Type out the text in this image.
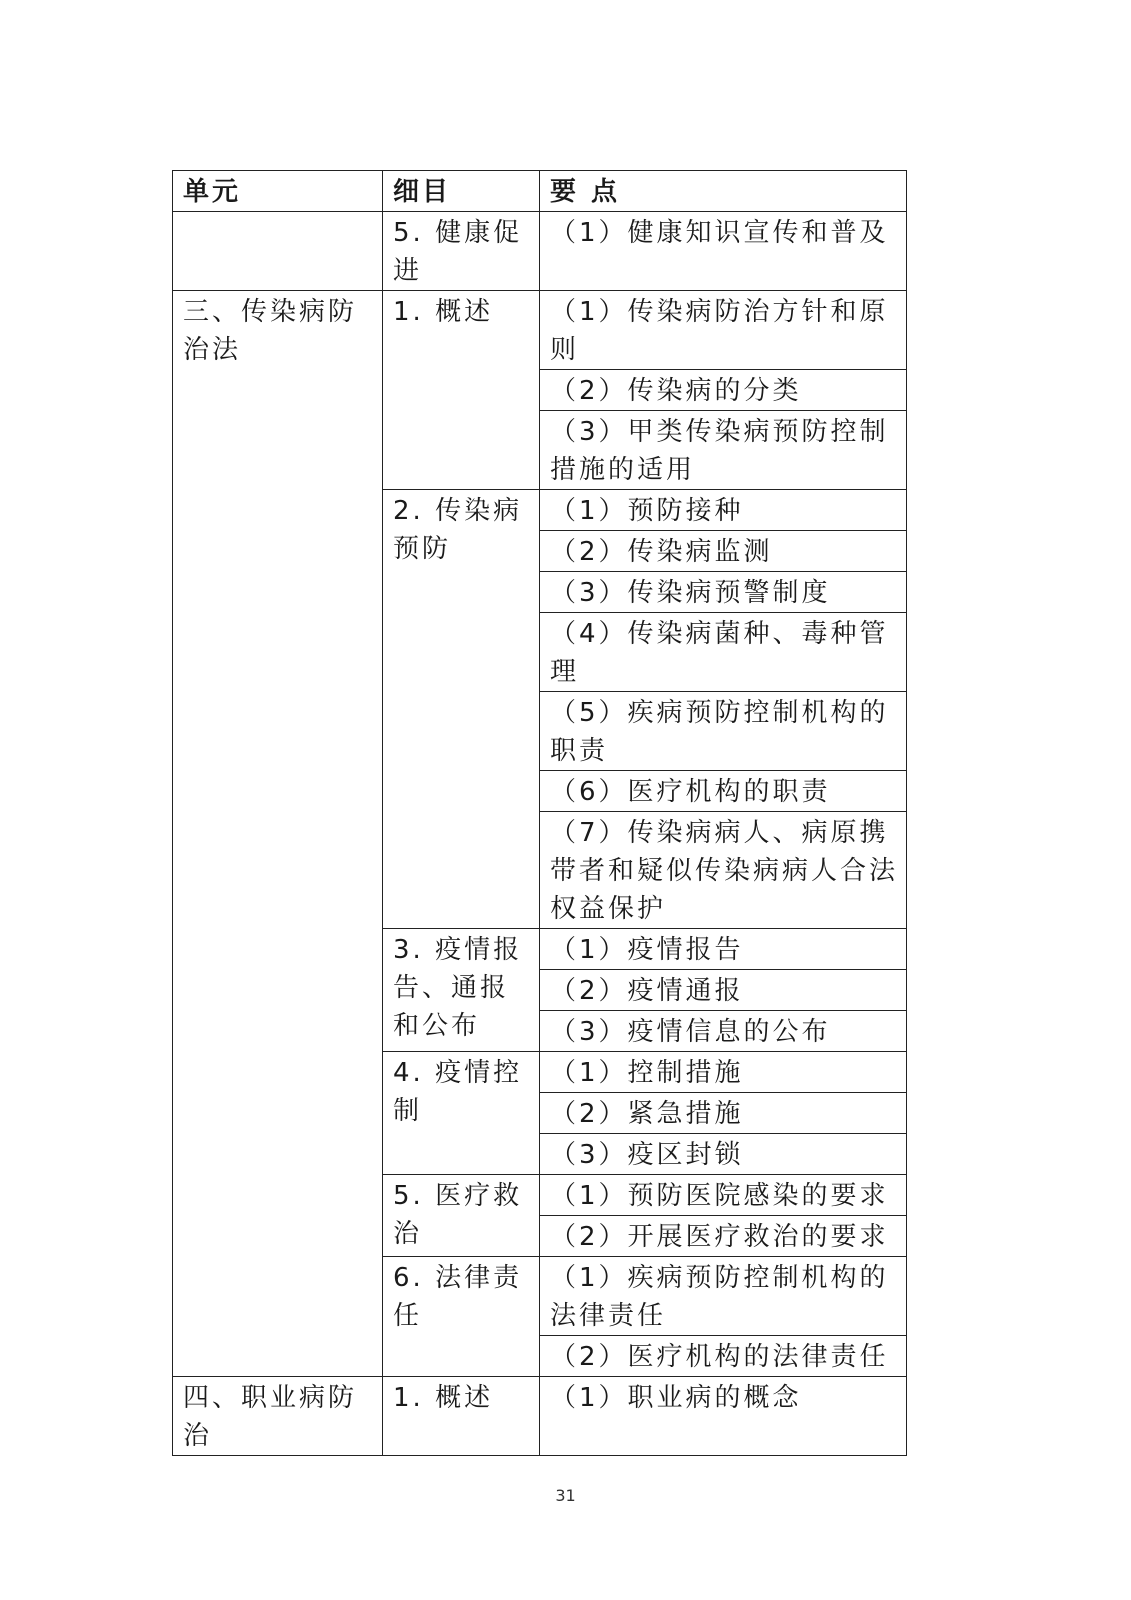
单元	细目	要 点
	5. 健康促进	（1）健康知识宣传和普及
三、传染病防治法	1. 概述	（1）传染病防治方针和原则
		（2）传染病的分类
		（3）甲类传染病预防控制措施的适用
	2. 传染病预防	（1）预防接种
		（2）传染病监测
		（3）传染病预警制度
		（4）传染病菌种、毒种管理
		（5）疾病预防控制机构的职责
		（6）医疗机构的职责
		（7）传染病病人、病原携带者和疑似传染病病人合法权益保护
	3. 疫情报告、通报和公布	（1）疫情报告
		（2）疫情通报
		（3）疫情信息的公布
	4. 疫情控制	（1）控制措施
		（2）紧急措施
		（3）疫区封锁
	5. 医疗救治	（1）预防医院感染的要求
		（2）开展医疗救治的要求
	6. 法律责任	（1）疾病预防控制机构的法律责任
		（2）医疗机构的法律责任
四、职业病防治	1. 概述	（1）职业病的概念
31
